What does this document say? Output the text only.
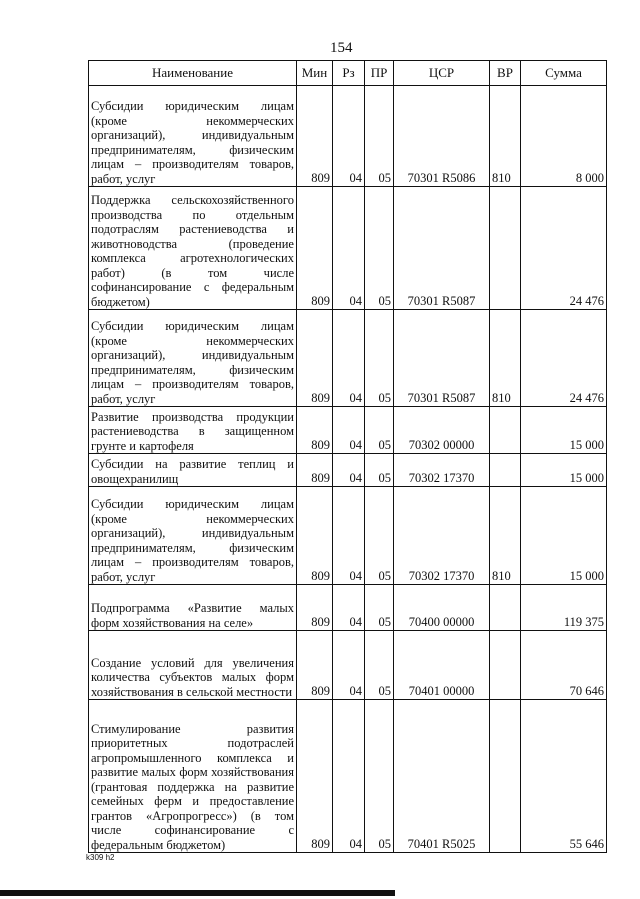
154
Наименование	Мин	Рз	ПР	ЦСР	ВР	Сумма
Субсидии юридическим лицам (кроме некоммерческих организаций), индивидуальным предпринимателям, физическим лицам – производителям товаров, работ, услуг	809	04	05	70301 R5086	810	8 000
Поддержка сельскохозяйственного производства по отдельным подотраслям растениеводства и животноводства (проведение комплекса агротехнологических работ) (в том числе софинансирование с федеральным бюджетом)	809	04	05	70301 R5087		24 476
Субсидии юридическим лицам (кроме некоммерческих организаций), индивидуальным предпринимателям, физическим лицам – производителям товаров, работ, услуг	809	04	05	70301 R5087	810	24 476
Развитие производства продукции растениеводства в защищенном грунте и картофеля	809	04	05	70302 00000		15 000
Субсидии на развитие теплиц и овощехранилищ	809	04	05	70302 17370		15 000
Субсидии юридическим лицам (кроме некоммерческих организаций), индивидуальным предпринимателям, физическим лицам – производителям товаров, работ, услуг	809	04	05	70302 17370	810	15 000
Подпрограмма «Развитие малых форм хозяйствования на селе»	809	04	05	70400 00000		119 375
Создание условий для увеличения количества субъектов малых форм хозяйствования в сельской местности	809	04	05	70401 00000		70 646
Стимулирование развития приоритетных подотраслей агропромышленного комплекса и развитие малых форм хозяйствования (грантовая поддержка на развитие семейных ферм и предоставление грантов «Агропрогресс») (в том числе софинансирование с федеральным бюджетом)	809	04	05	70401 R5025		55 646
k309 h2
